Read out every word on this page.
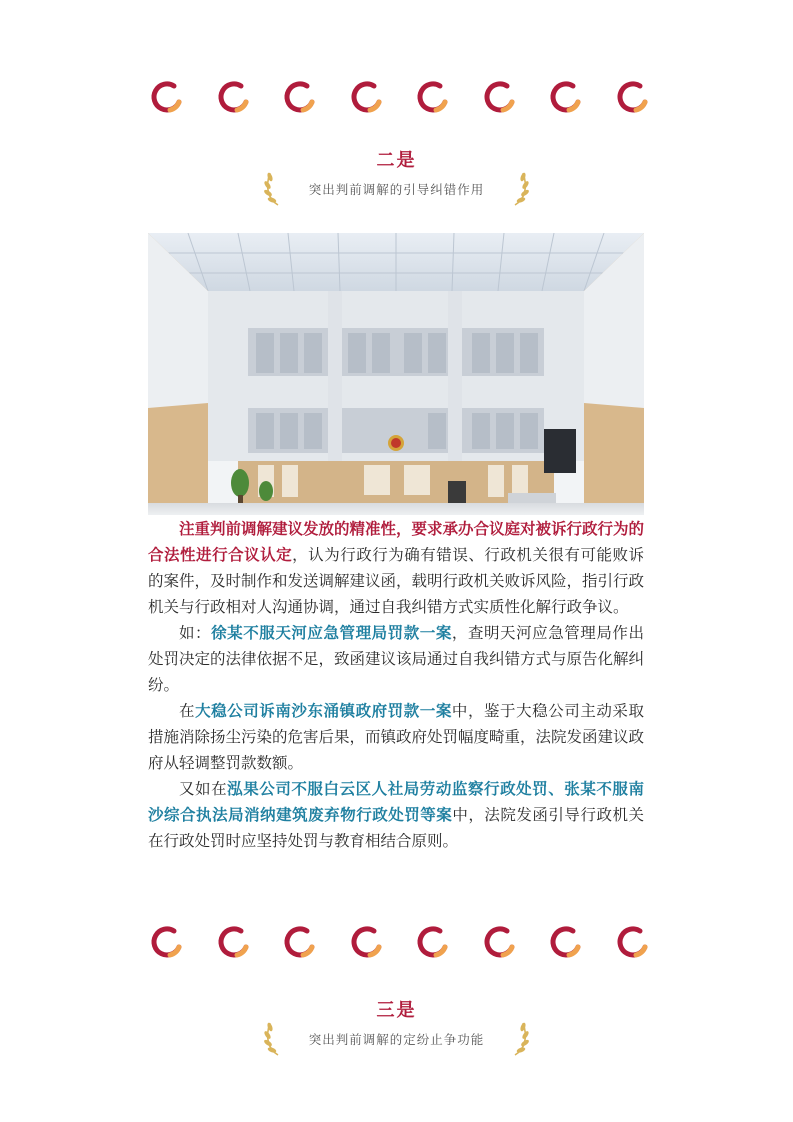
二是
突出判前调解的引导纠错作用

注重判前调解建议发放的精准性，要求承办合议庭对被诉行政行为的合法性进行合议认定，认为行政行为确有错误、行政机关很有可能败诉的案件，及时制作和发送调解建议函，载明行政机关败诉风险，指引行政机关与行政相对人沟通协调，通过自我纠错方式实质性化解行政争议。

如：徐某不服天河应急管理局罚款一案，查明天河应急管理局作出处罚决定的法律依据不足，致函建议该局通过自我纠错方式与原告化解纠纷。

在大稳公司诉南沙东涌镇政府罚款一案中，鉴于大稳公司主动采取措施消除扬尘污染的危害后果，而镇政府处罚幅度畸重，法院发函建议政府从轻调整罚款数额。

又如在泓果公司不服白云区人社局劳动监察行政处罚、张某不服南沙综合执法局消纳建筑废弃物行政处罚等案中，法院发函引导行政机关在行政处罚时应坚持处罚与教育相结合原则。

三是
突出判前调解的定纷止争功能
